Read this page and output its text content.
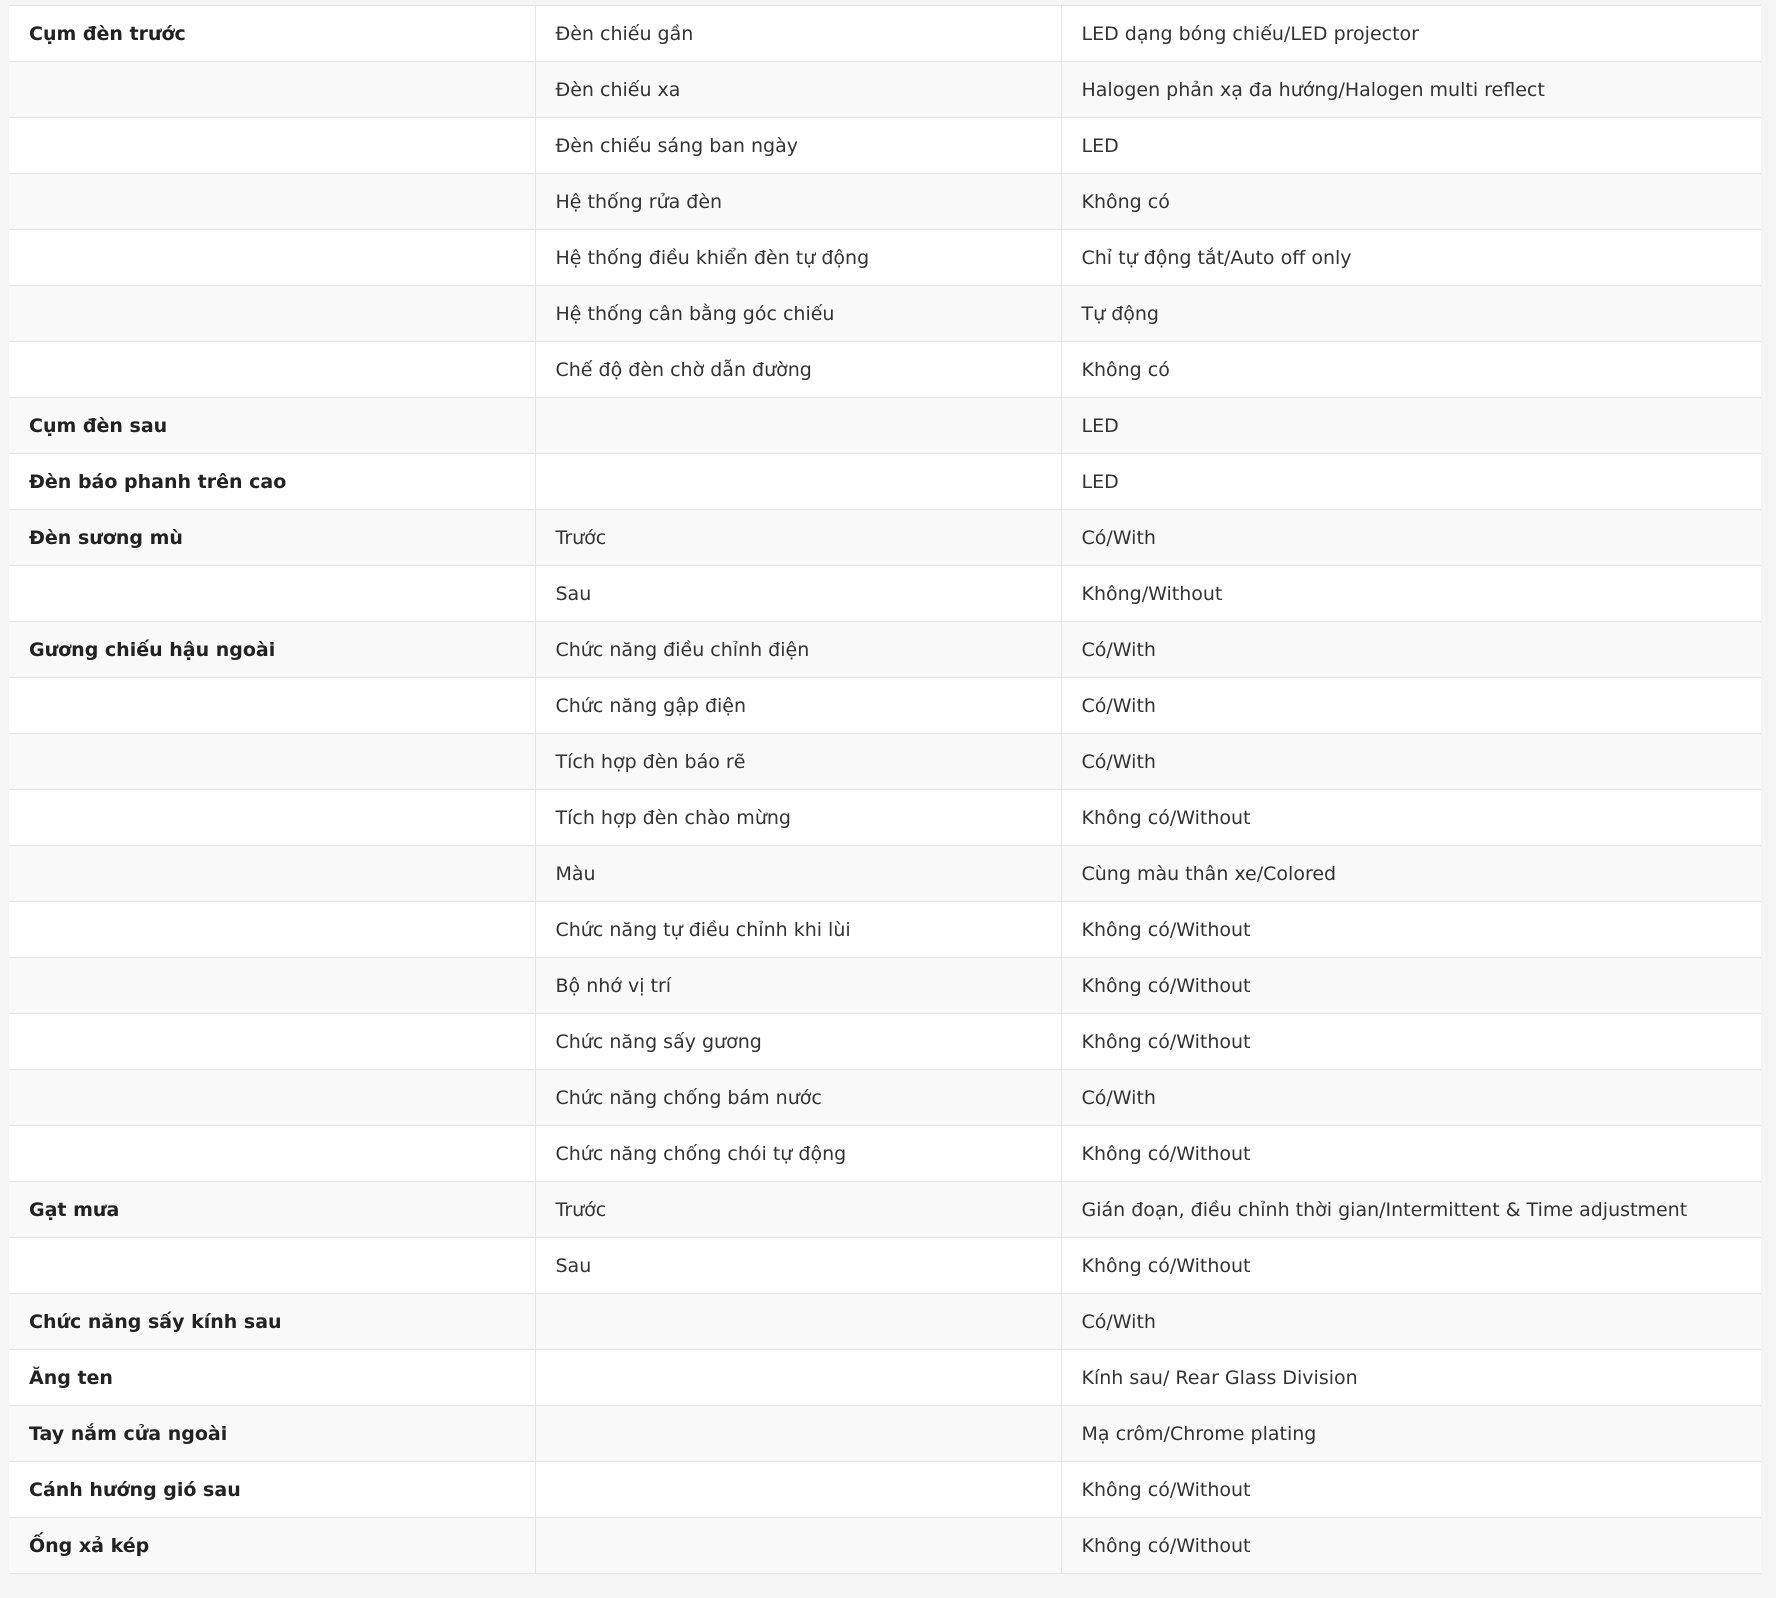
Cụm đèn trước	Đèn chiếu gần	LED dạng bóng chiếu/LED projector
	Đèn chiếu xa	Halogen phản xạ đa hướng/Halogen multi reflect
	Đèn chiếu sáng ban ngày	LED
	Hệ thống rửa đèn	Không có
	Hệ thống điều khiển đèn tự động	Chỉ tự động tắt/Auto off only
	Hệ thống cân bằng góc chiếu	Tự động
	Chế độ đèn chờ dẫn đường	Không có
Cụm đèn sau		LED
Đèn báo phanh trên cao		LED
Đèn sương mù	Trước	Có/With
	Sau	Không/Without
Gương chiếu hậu ngoài	Chức năng điều chỉnh điện	Có/With
	Chức năng gập điện	Có/With
	Tích hợp đèn báo rẽ	Có/With
	Tích hợp đèn chào mừng	Không có/Without
	Màu	Cùng màu thân xe/Colored
	Chức năng tự điều chỉnh khi lùi	Không có/Without
	Bộ nhớ vị trí	Không có/Without
	Chức năng sấy gương	Không có/Without
	Chức năng chống bám nước	Có/With
	Chức năng chống chói tự động	Không có/Without
Gạt mưa	Trước	Gián đoạn, điều chỉnh thời gian/Intermittent & Time adjustment
	Sau	Không có/Without
Chức năng sấy kính sau		Có/With
Ăng ten		Kính sau/ Rear Glass Division
Tay nắm cửa ngoài		Mạ crôm/Chrome plating
Cánh hướng gió sau		Không có/Without
Ống xả kép		Không có/Without
